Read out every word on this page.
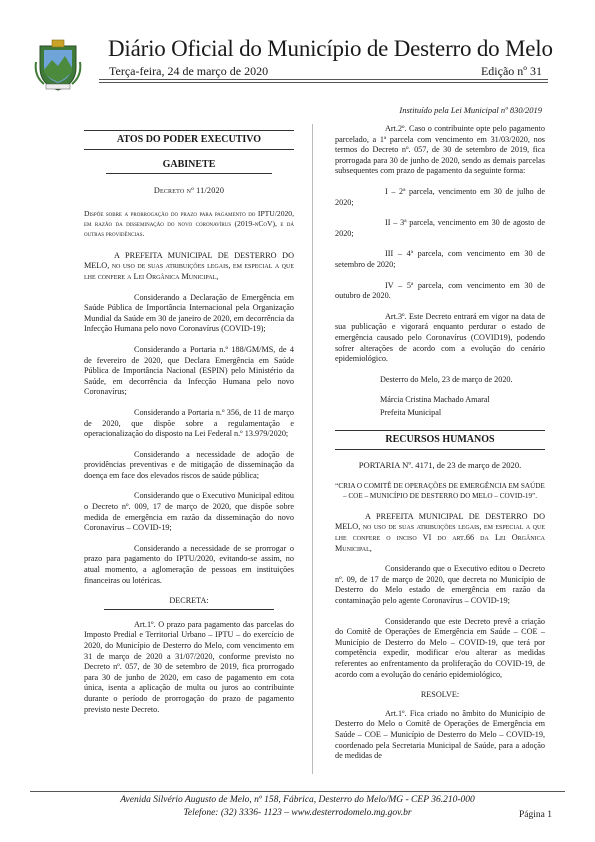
Diário Oficial do Município de Desterro do Melo
Terça-feira, 24 de março de 2020	Edição nº 31
Instituído pela Lei Municipal nº 830/2019
ATOS DO PODER EXECUTIVO
GABINETE
Decreto nº 11/2020
Dispõe sobre a prorrogação do prazo para pagamento do IPTU/2020, em razão da disseminação do novo coronavírus (2019-nCoV), e dá outras providências.

A PREFEITA MUNICIPAL DE DESTERRO DO MELO, no uso de suas atribuições legais, em especial a que lhe confere a Lei Orgânica Municipal,

Considerando a Declaração de Emergência em Saúde Pública de Importância Internacional pela Organização Mundial da Saúde em 30 de janeiro de 2020, em decorrência da Infecção Humana pelo novo Coronavírus (COVID-19);

Considerando a Portaria n.º 188/GM/MS, de 4 de fevereiro de 2020, que Declara Emergência em Saúde Pública de Importância Nacional (ESPIN) pelo Ministério da Saúde, em decorrência da Infecção Humana pelo novo Coronavírus;

Considerando a Portaria n.º 356, de 11 de março de 2020, que dispõe sobre a regulamentação e operacionalização do disposto na Lei Federal n.º 13.979/2020;

Considerando a necessidade de adoção de providências preventivas e de mitigação de disseminação da doença em face dos elevados riscos de saúde pública;

Considerando que o Executivo Municipal editou o Decreto nº. 009, 17 de março de 2020, que dispõe sobre medida de emergência em razão da disseminação do novo Coronavírus – COVID-19;

Considerando a necessidade de se prorrogar o prazo para pagamento do IPTU/2020, evitando-se assim, no atual momento, a aglomeração de pessoas em instituições financeiras ou lotéricas.

DECRETA:

Art.1º. O prazo para pagamento das parcelas do Imposto Predial e Territorial Urbano – IPTU – do exercício de 2020, do Município de Desterro do Melo, com vencimento em 31 de março de 2020 a 31/07/2020, conforme previsto no Decreto nº. 057, de 30 de setembro de 2019, fica prorrogado para 30 de junho de 2020, em caso de pagamento em cota única, isenta a aplicação de multa ou juros ao contribuinte durante o período de prorrogação do prazo de pagamento previsto neste Decreto.

Art.2º. Caso o contribuinte opte pelo pagamento parcelado, a 1ª parcela com vencimento em 31/03/2020, nos termos do Decreto nº. 057, de 30 de setembro de 2019, fica prorrogada para 30 de junho de 2020, sendo as demais parcelas subsequentes com prazo de pagamento da seguinte forma:

I – 2ª parcela, vencimento em 30 de julho de 2020;

II – 3ª parcela, vencimento em 30 de agosto de 2020;

III – 4ª parcela, com vencimento em 30 de setembro de 2020;

IV – 5ª parcela, com vencimento em 30 de outubro de 2020.

Art.3º. Este Decreto entrará em vigor na data de sua publicação e vigorará enquanto perdurar o estado de emergência causado pelo Coronavírus (COVID19), podendo sofrer alterações de acordo com a evolução do cenário epidemiológico.

Desterro do Melo, 23 de março de 2020.

Márcia Cristina Machado Amaral

Prefeita Municipal

RECURSOS HUMANOS
PORTARIA Nº. 4171, de 23 de março de 2020.
“CRIA O COMITÊ DE OPERAÇÕES DE EMERGÊNCIA EM SAÚDE – COE – MUNICÍPIO DE DESTERRO DO MELO – COVID-19”.

A PREFEITA MUNICIPAL DE DESTERRO DO MELO, no uso de suas atribuições legais, em especial a que lhe confere o inciso VI do art.66 da Lei Orgânica Municipal,

Considerando que o Executivo editou o Decreto nº. 09, de 17 de março de 2020, que decreta no Município de Desterro do Melo estado de emergência em razão da contaminação pelo agente Coronavírus – COVID-19;

Considerando que este Decreto prevê a criação do Comitê de Operações de Emergência em Saúde – COE – Município de Desterro do Melo – COVID-19, que terá por competência expedir, modificar e/ou alterar as medidas referentes ao enfrentamento da proliferação do COVID-19, de acordo com a evolução do cenário epidemiológico,

RESOLVE:

Art.1º. Fica criado no âmbito do Município de Desterro do Melo o Comitê de Operações de Emergência em Saúde – COE – Município de Desterro do Melo – COVID-19, coordenado pela Secretaria Municipal de Saúde, para a adoção de medidas de

Avenida Silvério Augusto de Melo, nº 158, Fábrica, Desterro do Melo/MG - CEP 36.210-000
Telefone: (32) 3336- 1123 – www.desterrodomelo.mg.gov.br	Página 1
